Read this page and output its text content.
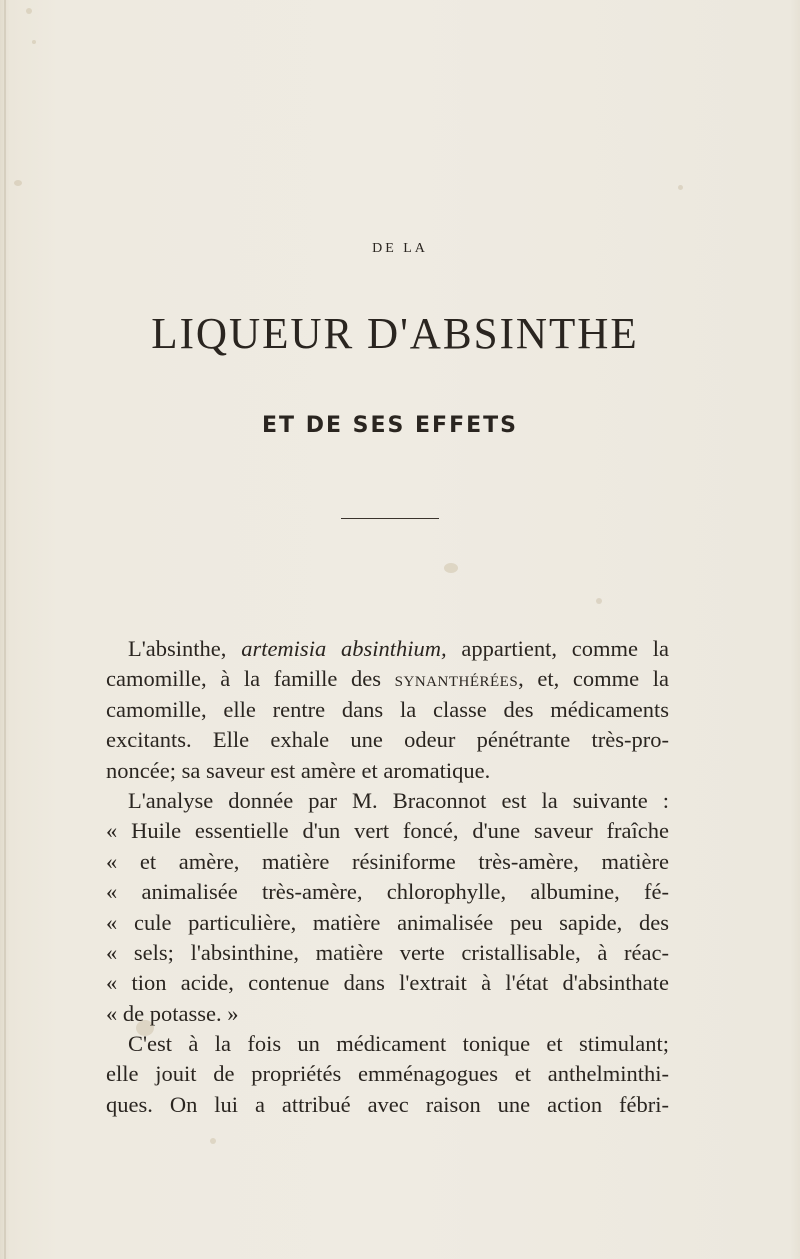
DE LA
LIQUEUR D'ABSINTHE
ET DE SES EFFETS
L'absinthe, artemisia absinthium, appartient, comme la
camomille, à la famille des SYNANTHÉRÉES, et, comme la
camomille, elle rentre dans la classe des médicaments
excitants. Elle exhale une odeur pénétrante très-pro-
noncée; sa saveur est amère et aromatique.
L'analyse donnée par M. Braconnot est la suivante :
« Huile essentielle d'un vert foncé, d'une saveur fraîche
« et amère, matière résiniforme très-amère, matière
« animalisée très-amère, chlorophylle, albumine, fé-
« cule particulière, matière animalisée peu sapide, des
« sels; l'absinthine, matière verte cristallisable, à réac-
« tion acide, contenue dans l'extrait à l'état d'absinthate
« de potasse. »
C'est à la fois un médicament tonique et stimulant;
elle jouit de propriétés emménagogues et anthelminthi-
ques. On lui a attribué avec raison une action fébri-
